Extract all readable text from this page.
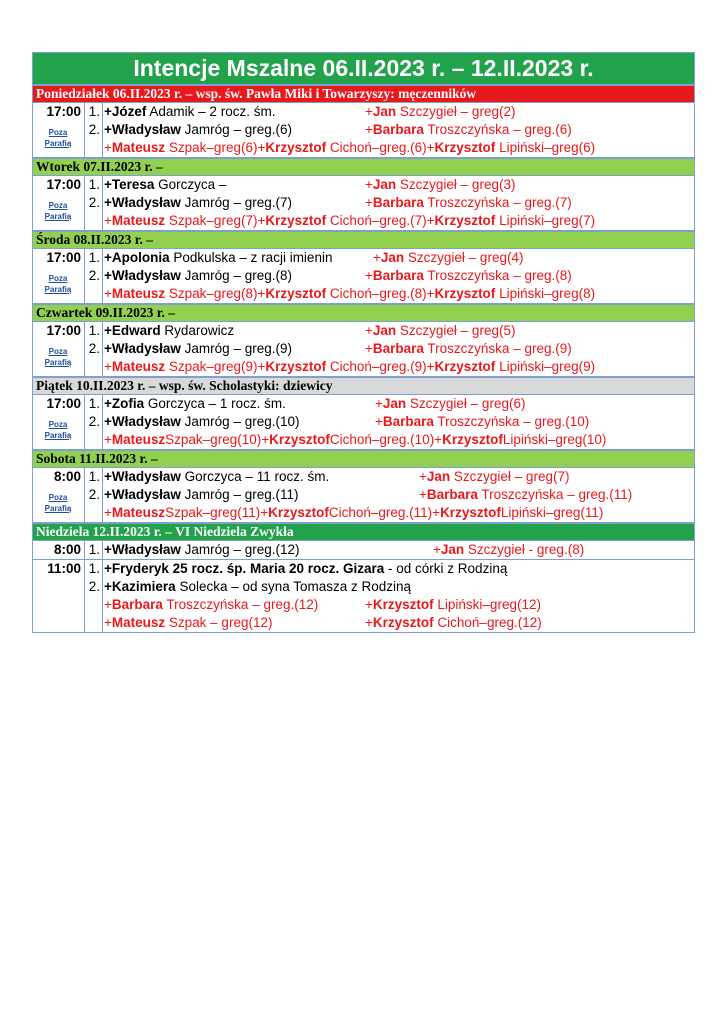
Intencje Mszalne 06.II.2023 r. – 12.II.2023 r.
Poniedziałek 06.II.2023 r. – wsp. św. Pawła Miki i Towarzyszy: męczenników
17:00
Poza
Parafią
1. +Józef Adamik – 2 rocz. śm.	+Jan Szczygieł – greg(2)
2. +Władysław Jamróg – greg.(6)	+Barbara Troszczyńska – greg.(6)
+Mateusz Szpak–greg(6)+Krzysztof Cichoń–greg.(6)+Krzysztof Lipiński–greg(6)
Wtorek 07.II.2023 r. –
17:00
Poza
Parafią
1. +Teresa Gorczyca –	+Jan Szczygieł – greg(3)
2. +Władysław Jamróg – greg.(7)	+Barbara Troszczyńska – greg.(7)
+Mateusz Szpak–greg(7)+Krzysztof Cichoń–greg.(7)+Krzysztof Lipiński–greg(7)
Środa 08.II.2023 r. –
17:00
Poza
Parafią
1. +Apolonia Podkulska – z racji imienin	+Jan Szczygieł – greg(4)
2. +Władysław Jamróg – greg.(8)	+Barbara Troszczyńska – greg.(8)
+Mateusz Szpak–greg(8)+Krzysztof Cichoń–greg.(8)+Krzysztof Lipiński–greg(8)
Czwartek 09.II.2023 r. –
17:00
Poza
Parafią
1. +Edward Rydarowicz	+Jan Szczygieł – greg(5)
2. +Władysław Jamróg – greg.(9)	+Barbara Troszczyńska – greg.(9)
+Mateusz Szpak–greg(9)+Krzysztof Cichoń–greg.(9)+Krzysztof Lipiński–greg(9)
Piątek 10.II.2023 r. – wsp. św. Scholastyki: dziewicy
17:00
Poza
Parafią
1. +Zofia Gorczyca – 1 rocz. śm.	+Jan Szczygieł – greg(6)
2. +Władysław Jamróg – greg.(10)	+Barbara Troszczyńska – greg.(10)
+MateuszSzpak–greg(10)+KrzysztofCichoń–greg.(10)+KrzysztofLipiński–greg(10)
Sobota 11.II.2023 r. –
8:00
Poza
Parafią
1. +Władysław Gorczyca – 11 rocz. śm.	+Jan Szczygieł – greg(7)
2. +Władysław Jamróg – greg.(11)	+Barbara Troszczyńska – greg.(11)
+MateuszSzpak–greg(11)+KrzysztofCichoń–greg.(11)+KrzysztofLipiński–greg(11)
Niedziela 12.II.2023 r. – VI Niedziela Zwykła
8:00 1. +Władysław Jamróg – greg.(12)	+Jan Szczygieł - greg.(8)
11:00 1. +Fryderyk 25 rocz. śp. Maria 20 rocz. Gizara - od córki z Rodziną
2. +Kazimiera Solecka – od syna Tomasza z Rodziną
+Barbara Troszczyńska – greg.(12)	+Krzysztof Lipiński–greg(12)
+Mateusz Szpak – greg(12)	+Krzysztof Cichoń–greg.(12)
